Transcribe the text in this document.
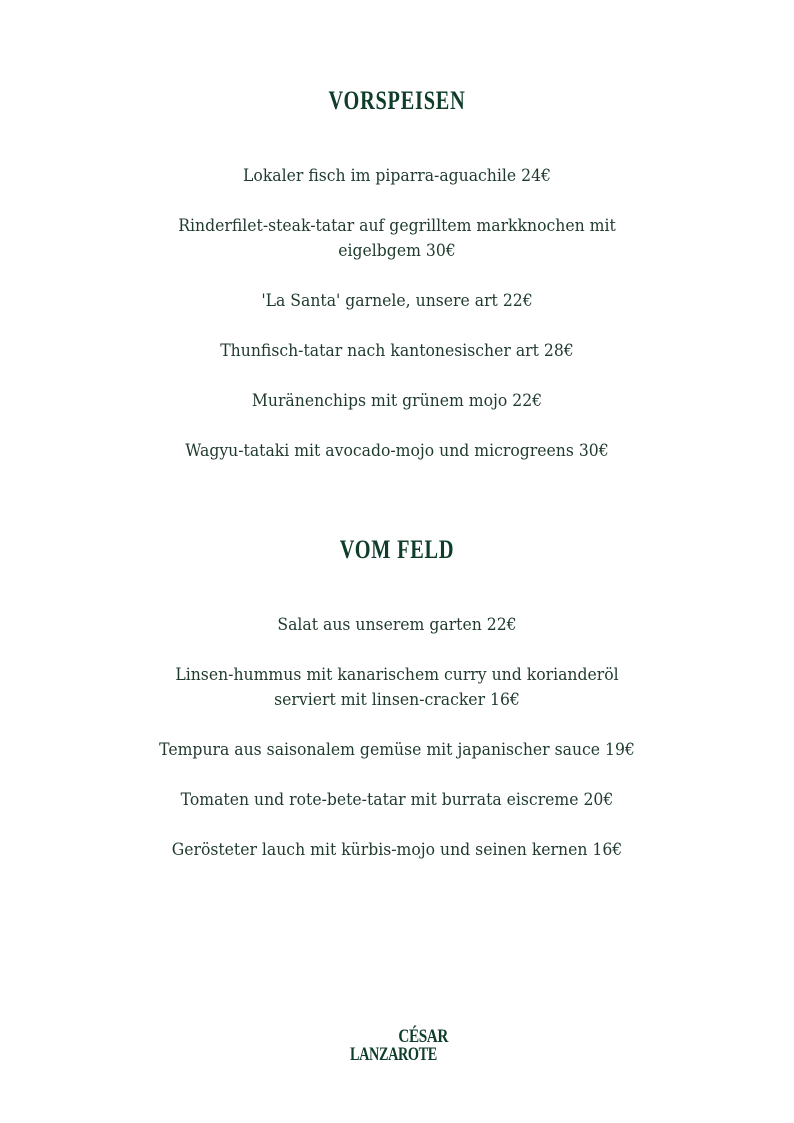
VORSPEISEN
Lokaler fisch im piparra-aguachile 24€
Rinderfilet-steak-tatar auf gegrilltem markknochen mit
eigelbgem 30€
'La Santa' garnele, unsere art 22€
Thunfisch-tatar nach kantonesischer art 28€
Muränenchips mit grünem mojo 22€
Wagyu-tataki mit avocado-mojo und microgreens 30€
VOM FELD
Salat aus unserem garten 22€
Linsen-hummus mit kanarischem curry und korianderöl
serviert mit linsen-cracker 16€
Tempura aus saisonalem gemüse mit japanischer sauce 19€
Tomaten und rote-bete-tatar mit burrata eiscreme 20€
Gerösteter lauch mit kürbis-mojo und seinen kernen 16€
CÉSAR
LANZAROTE
